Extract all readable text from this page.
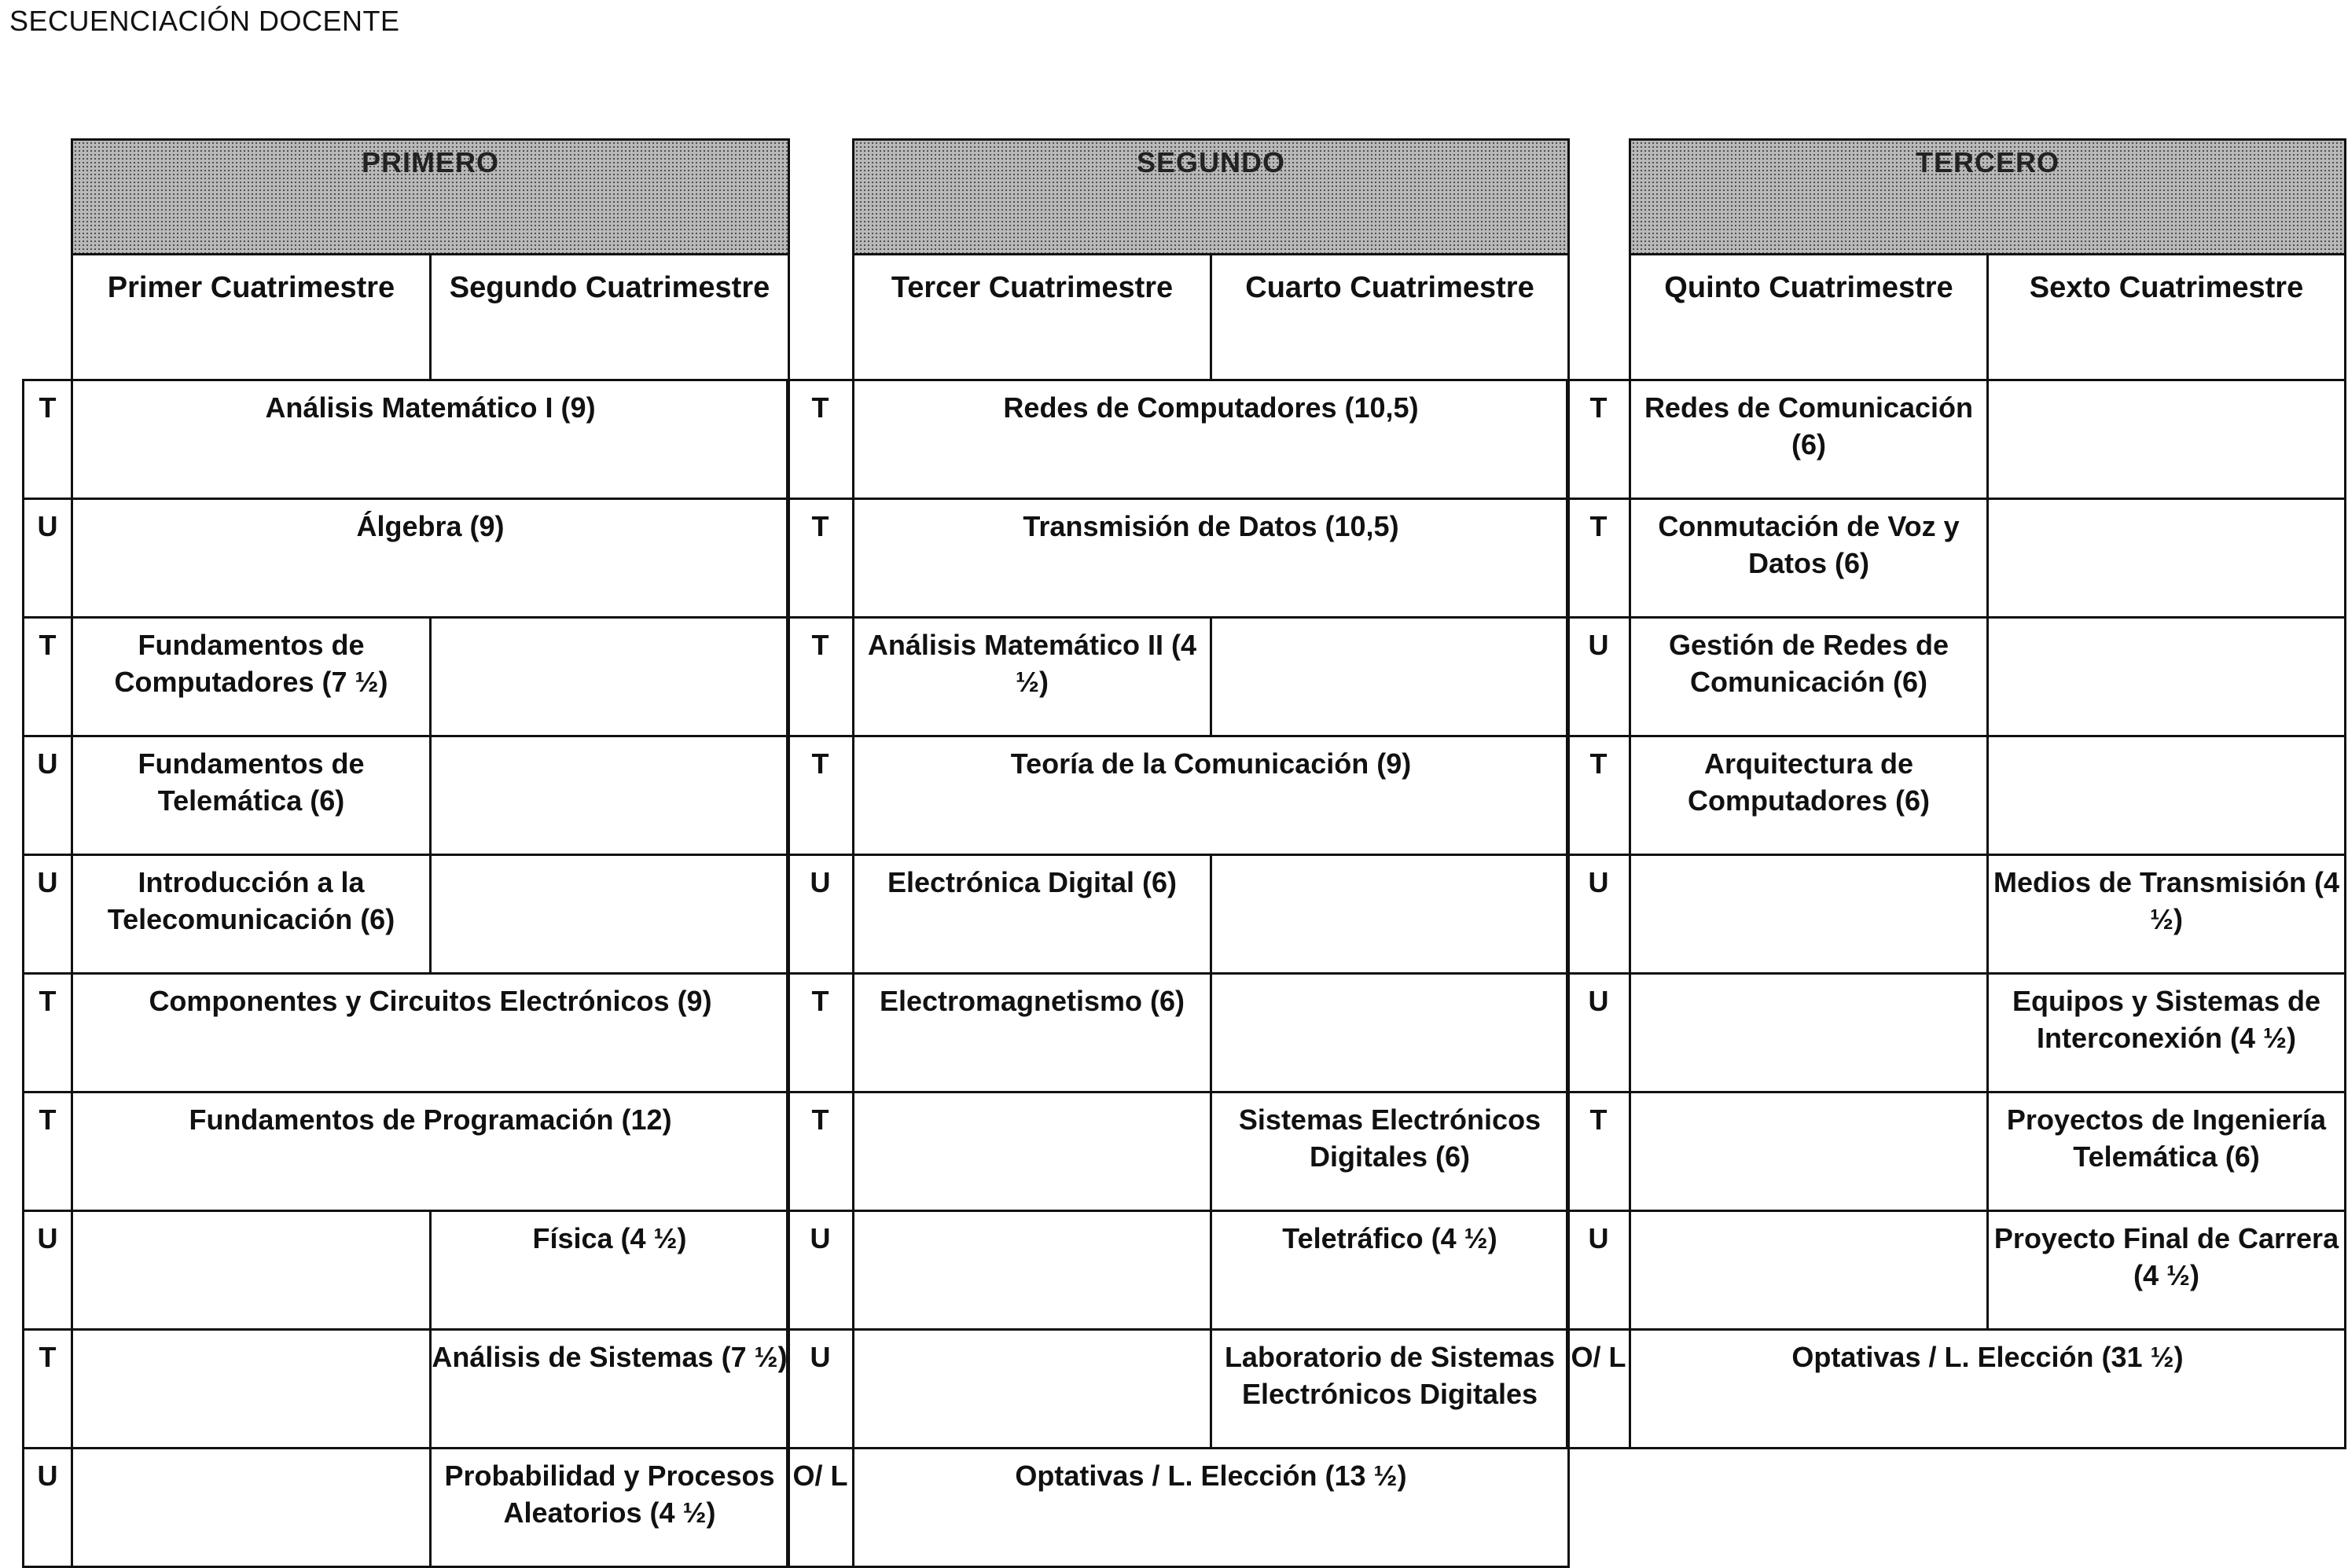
SECUENCIACIÓN DOCENTE
	PRIMERO	
	Primer Cuatrimestre	Segundo Cuatrimestre
T	Análisis Matemático I (9)	
U	Álgebra (9)	
T	Fundamentos de Computadores (7 ½)	
U	Fundamentos de Telemática (6)	
U	Introducción a la Telecomunicación (6)	
T	Componentes y Circuitos Electrónicos (9)	
T	Fundamentos de Programación (12)	
U		Física (4 ½)
T		Análisis de Sistemas (7 ½)
U		Probabilidad y Procesos Aleatorios (4 ½)
	SEGUNDO	
	Tercer Cuatrimestre	Cuarto Cuatrimestre
T	Redes de Computadores (10,5)	
T	Transmisión de Datos (10,5)	
T	Análisis Matemático II (4 ½)	
T	Teoría de la Comunicación (9)	
U	Electrónica Digital (6)	
T	Electromagnetismo (6)	
T		Sistemas Electrónicos Digitales (6)
U		Teletráfico (4 ½)
U		Laboratorio de Sistemas Electrónicos Digitales
O/ L	Optativas / L. Elección (13 ½)	
	TERCERO	
	Quinto Cuatrimestre	Sexto Cuatrimestre
T	Redes de Comunicación (6)	
T	Conmutación de Voz y Datos (6)	
U	Gestión de Redes de Comunicación (6)	
T	Arquitectura de Computadores (6)	
U		Medios de Transmisión (4 ½)
U		Equipos y Sistemas de Interconexión (4 ½)
T		Proyectos de Ingeniería Telemática (6)
U		Proyecto Final de Carrera (4 ½)
O/ L	Optativas / L. Elección (31 ½)	
